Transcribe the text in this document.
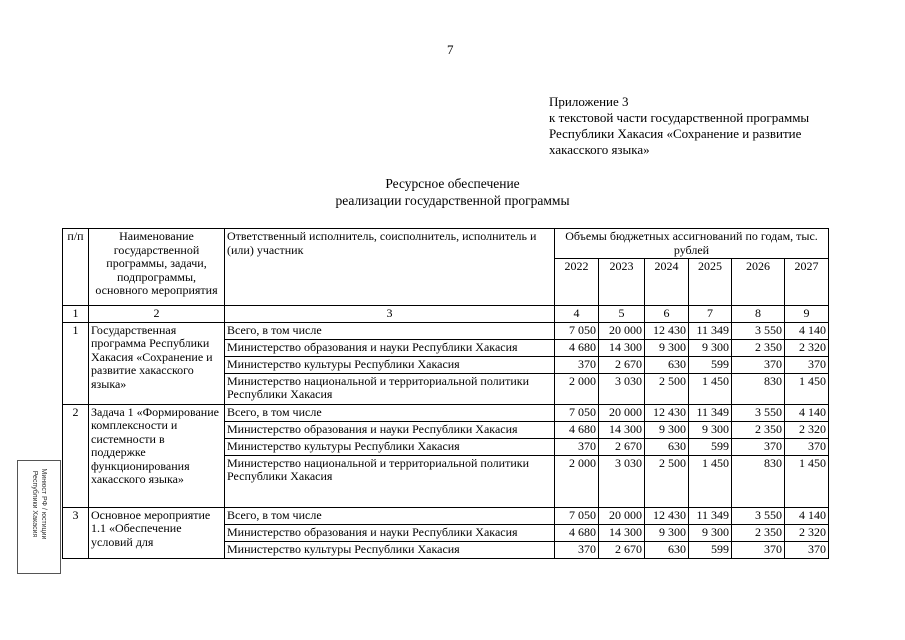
7
Приложение 3
к текстовой части государственной программы
Республики Хакасия «Сохранение и развитие
хакасского языка»
Ресурсное обеспечение
реализации государственной программы
п/п	Наименование государственной программы, задачи, подпрограммы, основного мероприятия	Ответственный исполнитель, соисполнитель, исполнитель и (или) участник	Объемы бюджетных ассигнований по годам, тыс. рублей					
			2022	2023	2024	2025	2026	2027
1	2	3	4	5	6	7	8	9
1	Государственная программа Республики Хакасия «Сохранение и развитие хакасского языка»	Всего, в том числе	7 050	20 000	12 430	11 349	3 550	4 140
		Министерство образования и науки Республики Хакасия	4 680	14 300	9 300	9 300	2 350	2 320
		Министерство культуры Республики Хакасия	370	2 670	630	599	370	370
		Министерство национальной и территориальной политики Республики Хакасия	2 000	3 030	2 500	1 450	830	1 450
2	Задача 1 «Формирование комплексности и системности в поддержке функционирования хакасского языка»	Всего, в том числе	7 050	20 000	12 430	11 349	3 550	4 140
		Министерство образования и науки Республики Хакасия	4 680	14 300	9 300	9 300	2 350	2 320
		Министерство культуры Республики Хакасия	370	2 670	630	599	370	370
		Министерство национальной и территориальной политики Республики Хакасия	2 000	3 030	2 500	1 450	830	1 450
3	Основное мероприятие 1.1 «Обеспечение условий для	Всего, в том числе	7 050	20 000	12 430	11 349	3 550	4 140
		Министерство образования и науки Республики Хакасия	4 680	14 300	9 300	9 300	2 350	2 320
		Министерство культуры Республики Хакасия	370	2 670	630	599	370	370
Минюст РФ / юстиции Республики Хакасия
